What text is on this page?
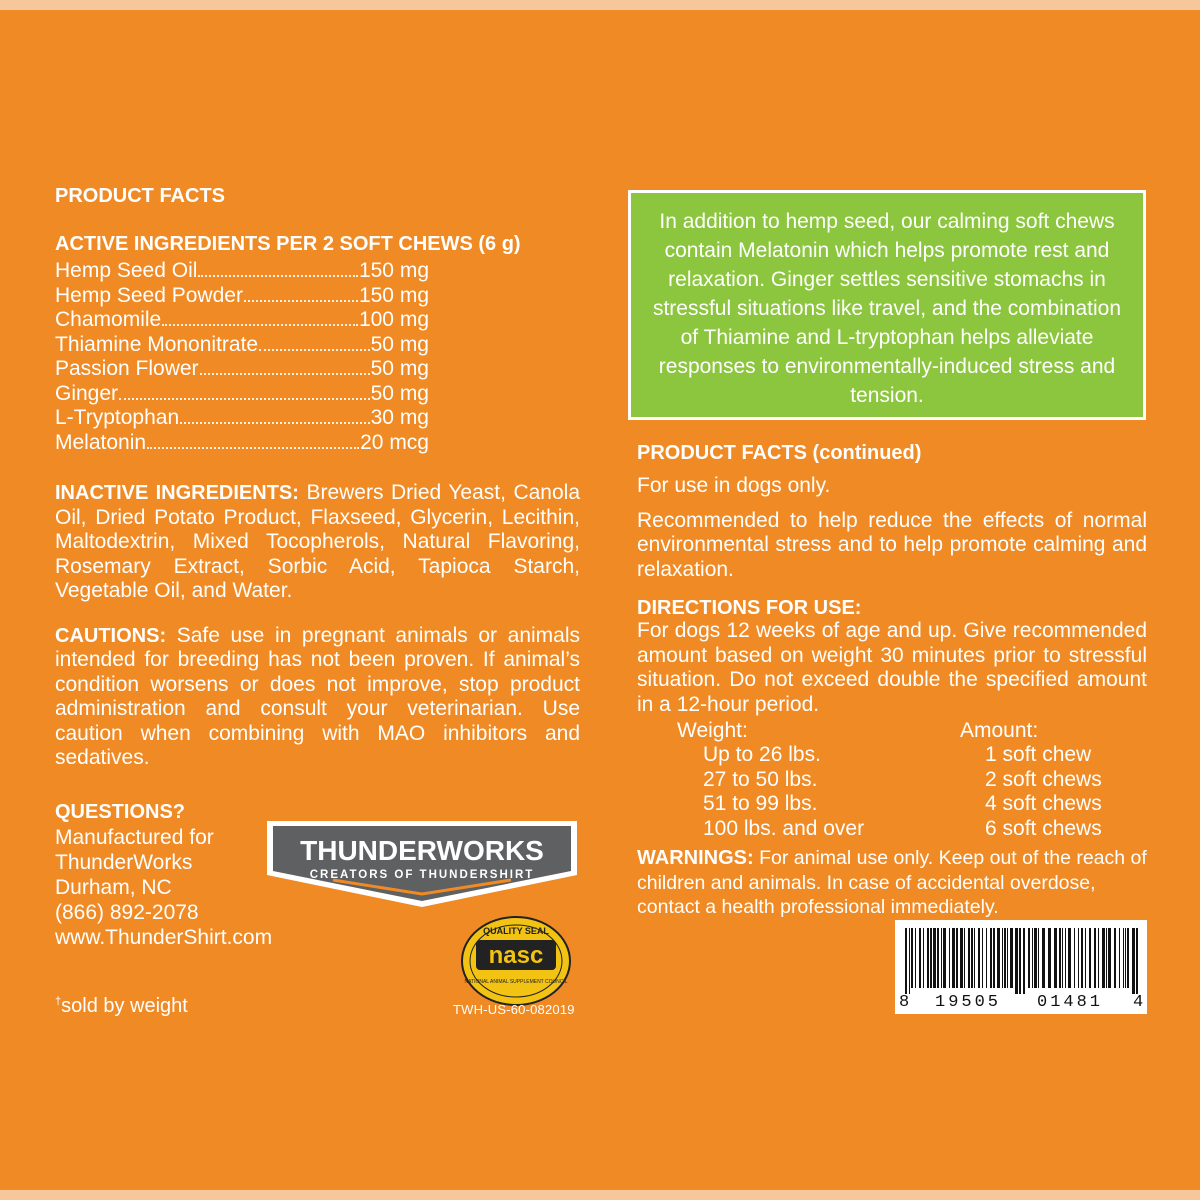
PRODUCT FACTS

ACTIVE INGREDIENTS PER 2 SOFT CHEWS (6 g)

Hemp Seed Oil	150 mg
Hemp Seed Powder	150 mg
Chamomile	100 mg
Thiamine Mononitrate	50 mg
Passion Flower	50 mg
Ginger	50 mg
L-Tryptophan	30 mg
Melatonin	20 mcg

INACTIVE INGREDIENTS: Brewers Dried Yeast, Canola Oil, Dried Potato Product, Flaxseed, Glycerin, Lecithin, Maltodextrin, Mixed Tocopherols, Natural Flavoring, Rosemary Extract, Sorbic Acid, Tapioca Starch, Vegetable Oil, and Water.

CAUTIONS: Safe use in pregnant animals or animals intended for breeding has not been proven. If animal’s condition worsens or does not improve, stop product administration and consult your veterinarian. Use caution when combining with MAO inhibitors and sedatives.

QUESTIONS?

Manufactured for
ThunderWorks
Durham, NC
(866) 892-2078
www.ThunderShirt.com
†sold by weight
THUNDERWORKS
CREATORS OF THUNDERSHIRT
QUALITY SEAL
nasc
NATIONAL ANIMAL SUPPLEMENT COUNCIL
TWH-US-60-082019
In addition to hemp seed, our calming soft chews contain Melatonin which helps promote rest and relaxation. Ginger settles sensitive stomachs in stressful situations like travel, and the combination of Thiamine and L-tryptophan helps alleviate responses to environmentally-induced stress and tension.

PRODUCT FACTS (continued)

For use in dogs only.

Recommended to help reduce the effects of normal environmental stress and to help promote calming and relaxation.

DIRECTIONS FOR USE:

For dogs 12 weeks of age and up. Give recommended amount based on weight 30 minutes prior to stressful situation. Do not exceed double the specified amount in a 12-hour period.

Weight:	Amount:
Up to 26 lbs.	1 soft chew
27 to 50 lbs.	2 soft chews
51 to 99 lbs.	4 soft chews
100 lbs. and over	6 soft chews

WARNINGS: For animal use only. Keep out of the reach of children and animals. In case of accidental overdose, contact a health professional immediately.

8 19505 01481 4
